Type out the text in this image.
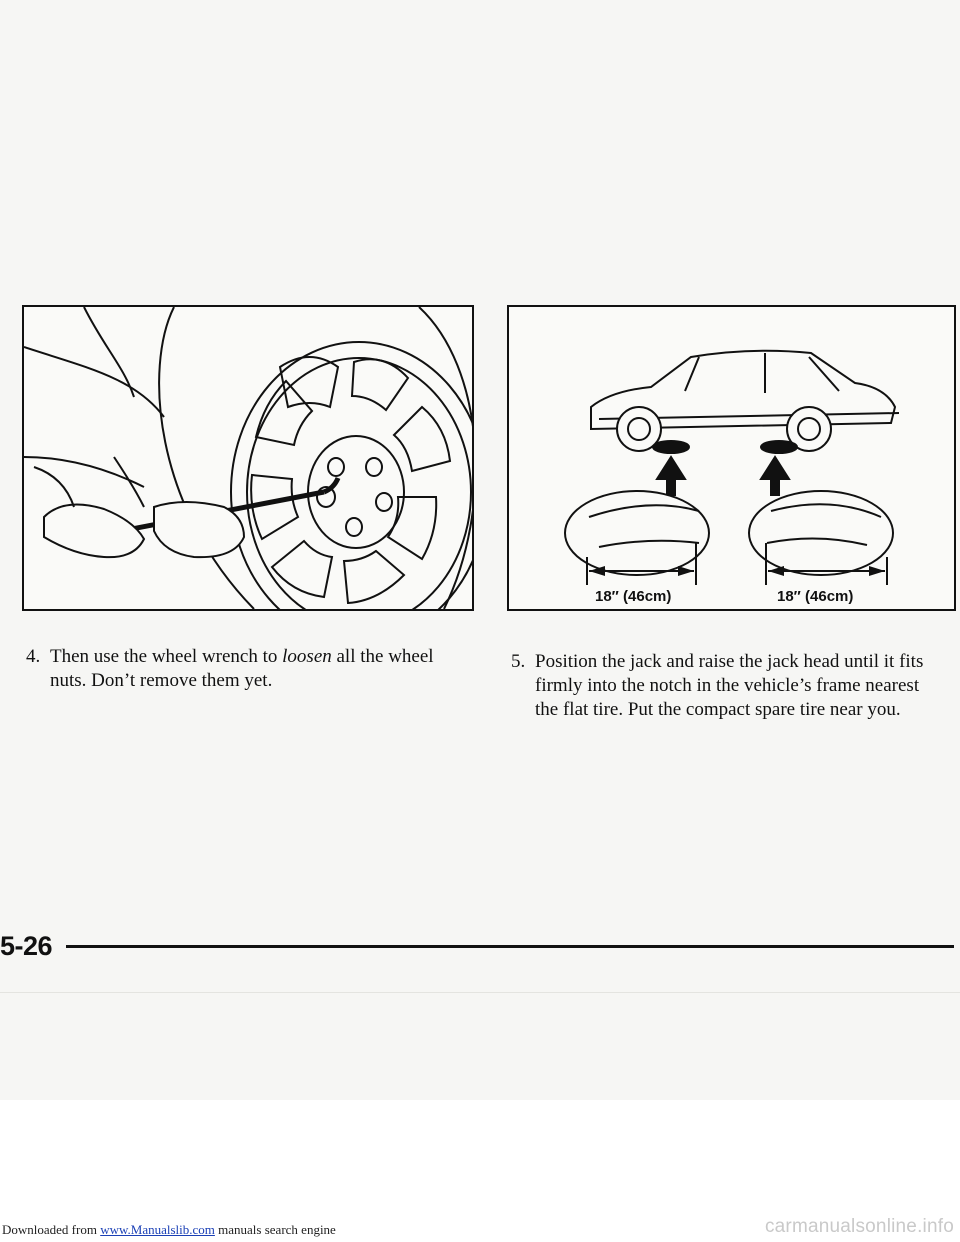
18″ (46cm)	18″ (46cm)
4. Then use the wheel wrench to loosen all the wheel
nuts. Don’t remove them yet.
5. Position the jack and raise the jack head until it fits
firmly into the notch in the vehicle’s frame nearest
the flat tire. Put the compact spare tire near you.
5-26
Downloaded from www.Manualslib.com manuals search engine	carmanualsonline.info
